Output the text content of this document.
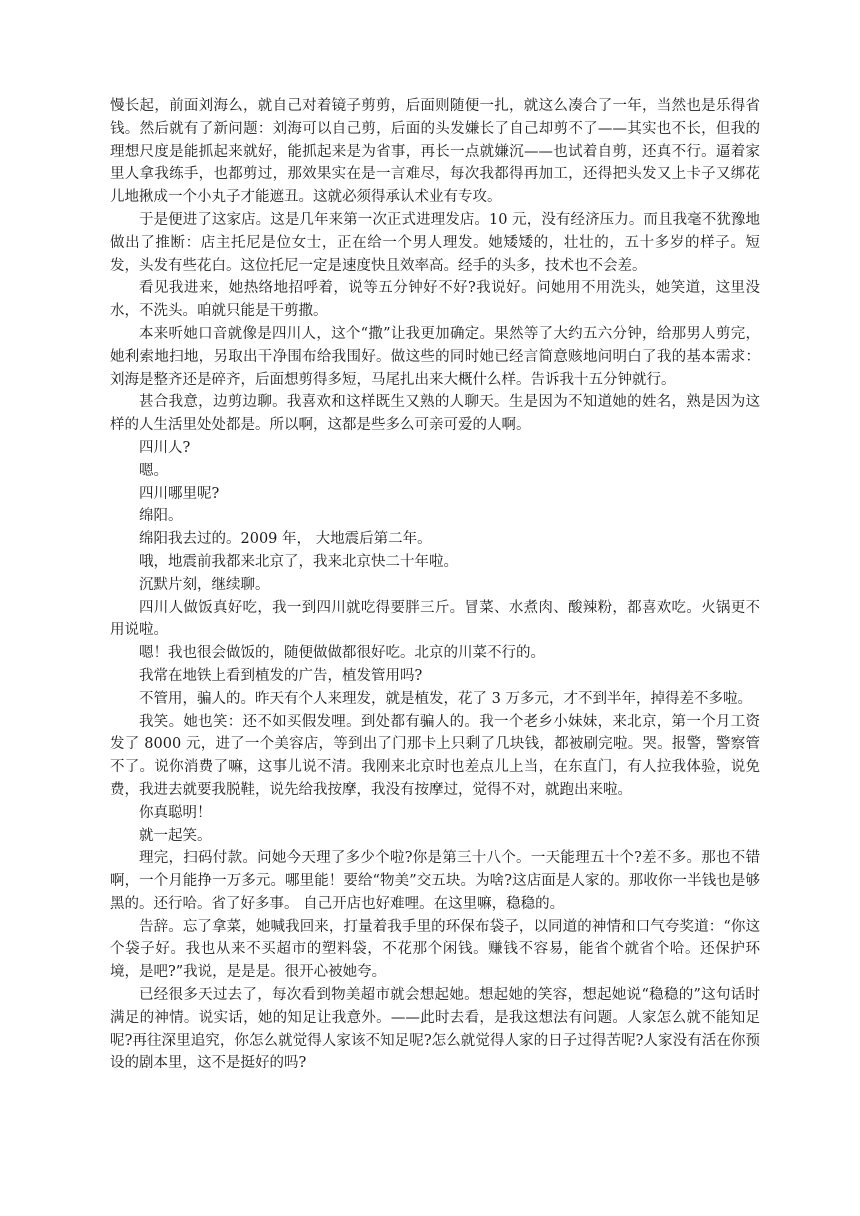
慢长起，前面刘海么，就自己对着镜子剪剪，后面则随便一扎，就这么凑合了一年，当然也是乐得省钱。然后就有了新问题：刘海可以自己剪，后面的头发嫌长了自己却剪不了——其实也不长，但我的理想尺度是能抓起来就好，能抓起来是为省事，再长一点就嫌沉——也试着自剪，还真不行。逼着家里人拿我练手，也都剪过，那效果实在是一言难尽，每次我都得再加工，还得把头发又上卡子又绑花儿地揪成一个小丸子才能遮丑。这就必须得承认术业有专攻。

于是便进了这家店。这是几年来第一次正式进理发店。10 元，没有经济压力。而且我毫不犹豫地做出了推断：店主托尼是位女士，正在给一个男人理发。她矮矮的，壮壮的，五十多岁的样子。短发，头发有些花白。这位托尼一定是速度快且效率高。经手的头多，技术也不会差。

看见我进来，她热络地招呼着，说等五分钟好不好?我说好。问她用不用洗头，她笑道，这里没水，不洗头。咱就只能是干剪撒。

本来听她口音就像是四川人，这个“撒”让我更加确定。果然等了大约五六分钟，给那男人剪完，她利索地扫地，另取出干净围布给我围好。做这些的同时她已经言简意赅地问明白了我的基本需求：刘海是整齐还是碎齐，后面想剪得多短，马尾扎出来大概什么样。告诉我十五分钟就行。

甚合我意，边剪边聊。我喜欢和这样既生又熟的人聊天。生是因为不知道她的姓名，熟是因为这样的人生活里处处都是。所以啊，这都是些多么可亲可爱的人啊。

四川人?

嗯。

四川哪里呢?

绵阳。

绵阳我去过的。2009 年， 大地震后第二年。

哦，地震前我都来北京了，我来北京快二十年啦。

沉默片刻，继续聊。

四川人做饭真好吃，我一到四川就吃得要胖三斤。冒菜、水煮肉、酸辣粉，都喜欢吃。火锅更不用说啦。

嗯！我也很会做饭的，随便做做都很好吃。北京的川菜不行的。

我常在地铁上看到植发的广告，植发管用吗?

不管用，骗人的。昨天有个人来理发，就是植发，花了 3 万多元，才不到半年，掉得差不多啦。

我笑。她也笑：还不如买假发哩。到处都有骗人的。我一个老乡小妹妹，来北京，第一个月工资发了 8000 元，进了一个美容店，等到出了门那卡上只剩了几块钱，都被刷完啦。哭。报警，警察管不了。说你消费了嘛，这事儿说不清。我刚来北京时也差点儿上当，在东直门，有人拉我体验，说免费，我进去就要我脱鞋，说先给我按摩，我没有按摩过，觉得不对，就跑出来啦。

你真聪明！

就一起笑。

理完，扫码付款。问她今天理了多少个啦?你是第三十八个。一天能理五十个?差不多。那也不错啊，一个月能挣一万多元。哪里能！要给“物美”交五块。为啥?这店面是人家的。那收你一半钱也是够黑的。还行哈。省了好多事。 自己开店也好难哩。在这里嘛，稳稳的。

告辞。忘了拿菜，她喊我回来，打量着我手里的环保布袋子，以同道的神情和口气夸奖道：“你这个袋子好。我也从来不买超市的塑料袋，不花那个闲钱。赚钱不容易，能省个就省个哈。还保护环境，是吧?”我说，是是是。很开心被她夸。

已经很多天过去了，每次看到物美超市就会想起她。想起她的笑容，想起她说“稳稳的”这句话时满足的神情。说实话，她的知足让我意外。——此时去看，是我这想法有问题。人家怎么就不能知足呢?再往深里追究，你怎么就觉得人家该不知足呢?怎么就觉得人家的日子过得苦呢?人家没有活在你预设的剧本里，这不是挺好的吗?
